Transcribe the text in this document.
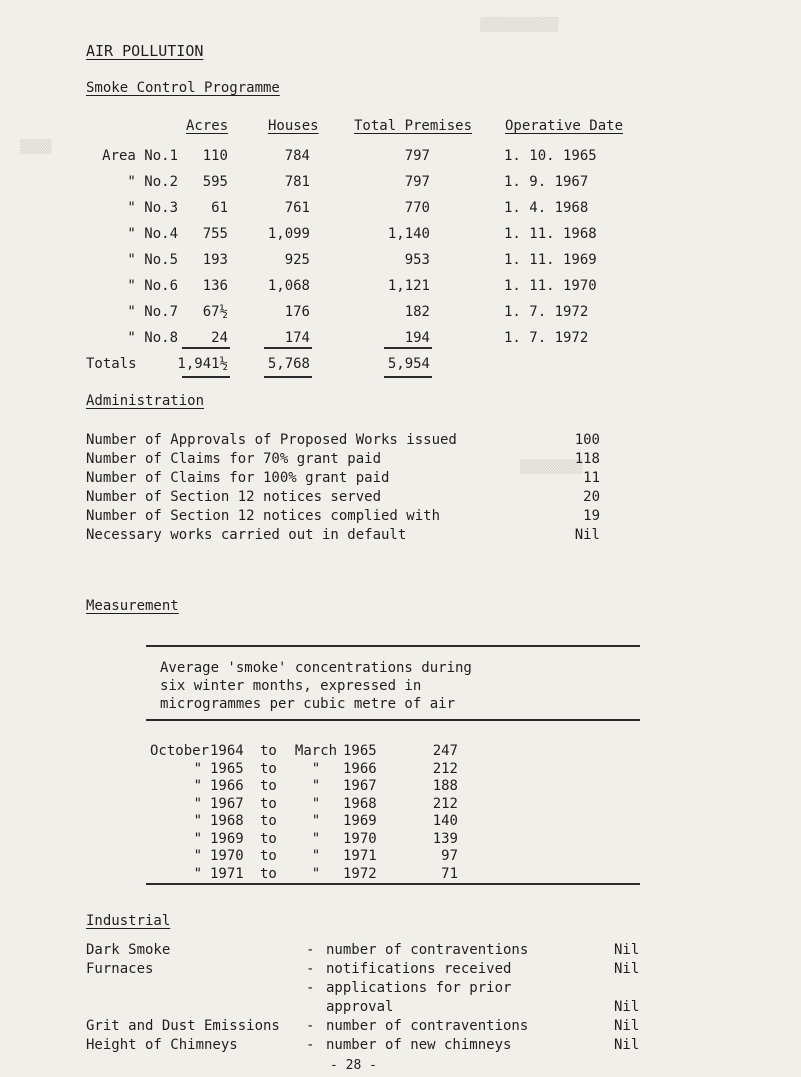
▒▒▒▒▒▒▒▒▒▒
▒▒▒▒
▒▒▒▒▒▒▒▒
AIR POLLUTION
Smoke Control Programme
Acres	Houses	Total Premises Operative Date
Area No.1	110	784	797	1. 10. 1965
" No.2	595	781	797	1. 9. 1967
" No.3	61	761	770	1. 4. 1968
" No.4	755	1,099	1,140	1. 11. 1968
" No.5	193	925	953	1. 11. 1969
" No.6	136	1,068	1,121	1. 11. 1970
" No.7	67½	176	182	1. 7. 1972
" No.8	24	174	194	1. 7. 1972
Totals	1,941½	5,768	5,954
Administration
Number of Approvals of Proposed Works issued	100
Number of Claims for 70% grant paid	118
Number of Claims for 100% grant paid	11
Number of Section 12 notices served	20
Number of Section 12 notices complied with	19
Necessary works carried out in default	Nil
Measurement
Average 'smoke' concentrations during
six winter months, expressed in
microgrammes per cubic metre of air
October 1964 to	March 1965	247
" 1965 to	"	1966	212
" 1966 to	"	1967	188
" 1967 to	"	1968	212
" 1968 to	"	1969	140
" 1969 to	"	1970	139
" 1970 to	"	1971	97
" 1971 to	"	1972	71
Industrial
Dark Smoke	- number of contraventions	Nil
Furnaces	- notifications received	Nil
- applications for prior
approval	Nil
Grit and Dust Emissions - number of contraventions	Nil
Height of Chimneys	- number of new chimneys	Nil
- 28 -
